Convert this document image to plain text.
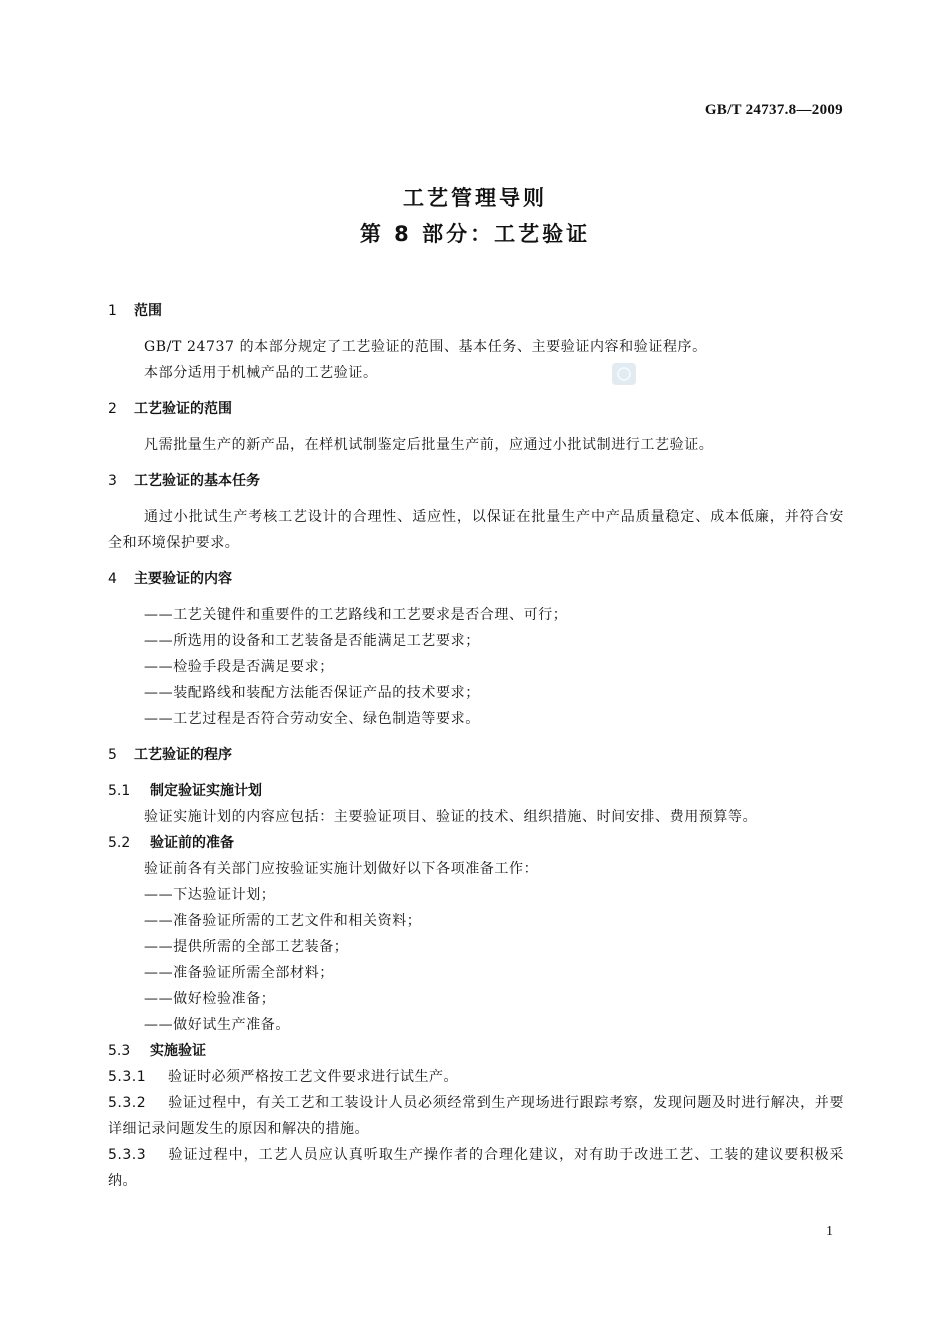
GB/T 24737.8—2009
工艺管理导则
第 8 部分：工艺验证
1 范围
GB/T 24737 的本部分规定了工艺验证的范围、基本任务、主要验证内容和验证程序。
本部分适用于机械产品的工艺验证。
2 工艺验证的范围
凡需批量生产的新产品，在样机试制鉴定后批量生产前，应通过小批试制进行工艺验证。
3 工艺验证的基本任务
通过小批试生产考核工艺设计的合理性、适应性，以保证在批量生产中产品质量稳定、成本低廉，并符合安全和环境保护要求。
4 主要验证的内容
——工艺关键件和重要件的工艺路线和工艺要求是否合理、可行；
——所选用的设备和工艺装备是否能满足工艺要求；
——检验手段是否满足要求；
——装配路线和装配方法能否保证产品的技术要求；
——工艺过程是否符合劳动安全、绿色制造等要求。
5 工艺验证的程序
5.1 制定验证实施计划
验证实施计划的内容应包括：主要验证项目、验证的技术、组织措施、时间安排、费用预算等。
5.2 验证前的准备
验证前各有关部门应按验证实施计划做好以下各项准备工作：
——下达验证计划；
——准备验证所需的工艺文件和相关资料；
——提供所需的全部工艺装备；
——准备验证所需全部材料；
——做好检验准备；
——做好试生产准备。
5.3 实施验证
5.3.1 验证时必须严格按工艺文件要求进行试生产。
5.3.2 验证过程中，有关工艺和工装设计人员必须经常到生产现场进行跟踪考察，发现问题及时进行解决，并要详细记录问题发生的原因和解决的措施。
5.3.3 验证过程中，工艺人员应认真听取生产操作者的合理化建议，对有助于改进工艺、工装的建议要积极采纳。
1
